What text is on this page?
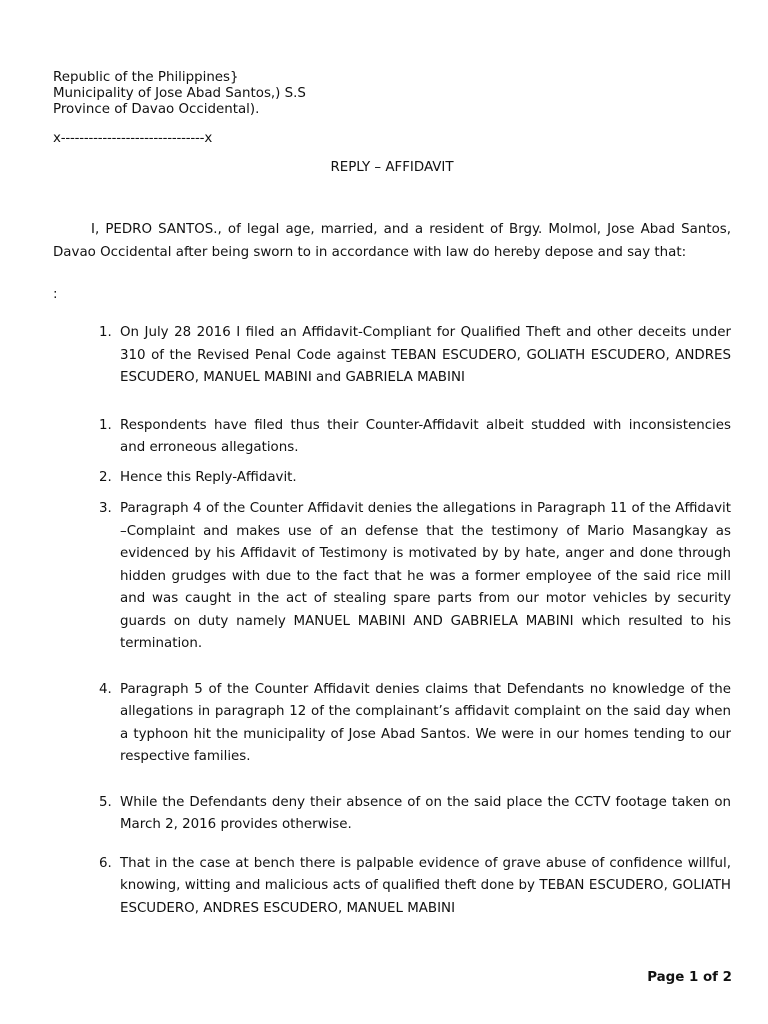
Republic of the Philippines}
Municipality of Jose Abad Santos,) S.S
Province of Davao Occidental).
x-------------------------------x
REPLY – AFFIDAVIT

I, PEDRO SANTOS., of legal age, married, and a resident of Brgy. Molmol, Jose Abad Santos, Davao Occidental after being sworn to in accordance with law do hereby depose and say that:

:
1. On July 28 2016 I filed an Affidavit-Compliant for Qualified Theft and other deceits under 310 of the Revised Penal Code against TEBAN ESCUDERO, GOLIATH ESCUDERO, ANDRES ESCUDERO, MANUEL MABINI and GABRIELA MABINI
1. Respondents have filed thus their Counter-Affidavit albeit studded with inconsistencies and erroneous allegations.
2. Hence this Reply-Affidavit.
3. Paragraph 4 of the Counter Affidavit denies the allegations in Paragraph 11 of the Affidavit –Complaint and makes use of an defense that the testimony of Mario Masangkay as evidenced by his Affidavit of Testimony is motivated by by hate, anger and done through hidden grudges with due to the fact that he was a former employee of the said rice mill and was caught in the act of stealing spare parts from our motor vehicles by security guards on duty namely MANUEL MABINI AND GABRIELA MABINI which resulted to his termination.
4. Paragraph 5 of the Counter Affidavit denies claims that Defendants no knowledge of the allegations in paragraph 12 of the complainant’s affidavit complaint on the said day when a typhoon hit the municipality of Jose Abad Santos. We were in our homes tending to our respective families.
5. While the Defendants deny their absence of on the said place the CCTV footage taken on March 2, 2016 provides otherwise.
6. That in the case at bench there is palpable evidence of grave abuse of confidence willful, knowing, witting and malicious acts of qualified theft done by TEBAN ESCUDERO, GOLIATH ESCUDERO, ANDRES ESCUDERO, MANUEL MABINI
Page 1 of 2
